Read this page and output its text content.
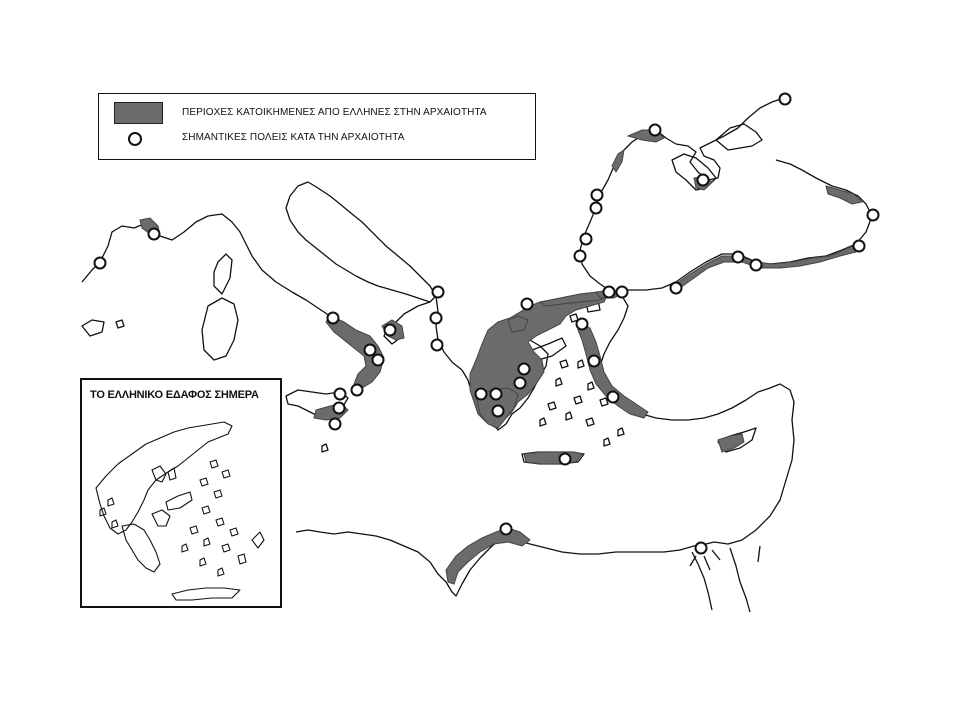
ΠΕΡΙΟΧΕΣ ΚΑΤΟΙΚΗΜΕΝΕΣ ΑΠΟ ΕΛΛΗΝΕΣ ΣΤΗΝ ΑΡΧΑΙΟΤΗΤΑ
ΣΗΜΑΝΤΙΚΕΣ ΠΟΛΕΙΣ ΚΑΤΑ ΤΗΝ ΑΡΧΑΙΟΤΗΤΑ
ΤΟ ΕΛΛΗΝΙΚΟ ΕΔΑΦΟΣ ΣΗΜΕΡΑ
